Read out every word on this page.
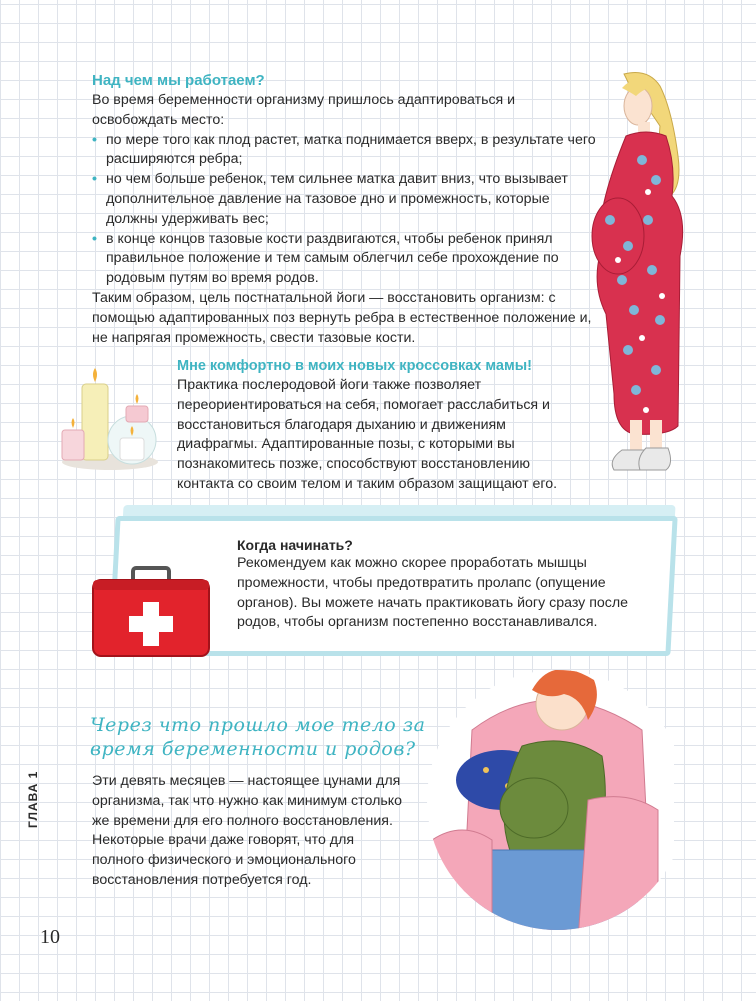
Над чем мы работаем?
Во время беременности организму пришлось адаптироваться и освобождать место:
• по мере того как плод растет, матка поднимается вверх, в результате чего расширяются ребра;
• но чем больше ребенок, тем сильнее матка давит вниз, что вызывает дополнительное давление на тазовое дно и промежность, которые должны удерживать вес;
• в конце концов тазовые кости раздвигаются, чтобы ребенок принял правильное положение и тем самым облегчил себе прохождение по родовым путям во время родов.
Таким образом, цель постнатальной йоги — восстановить организм: с помощью адаптированных поз вернуть ребра в естественное положение и, не напрягая промежность, свести тазовые кости.
Мне комфортно в моих новых кроссовках мамы!
Практика послеродовой йоги также позволяет переориентироваться на себя, помогает расслабиться и восстановиться благодаря дыханию и движениям диафрагмы. Адаптированные позы, с которыми вы познакомитесь позже, способствуют восстановлению контакта со своим телом и таким образом защищают его.
Когда начинать?
Рекомендуем как можно скорее проработать мышцы промежности, чтобы предотвратить пролапс (опущение органов). Вы можете начать практиковать йогу сразу после родов, чтобы организм постепенно восстанавливался.
Через что прошло мое тело за время беременности и родов?
Эти девять месяцев — настоящее цунами для организма, так что нужно как минимум столько же времени для его полного восстановления. Некоторые врачи даже говорят, что для полного физического и эмоционального восстановления потребуется год.
ГЛАВА 1
10
